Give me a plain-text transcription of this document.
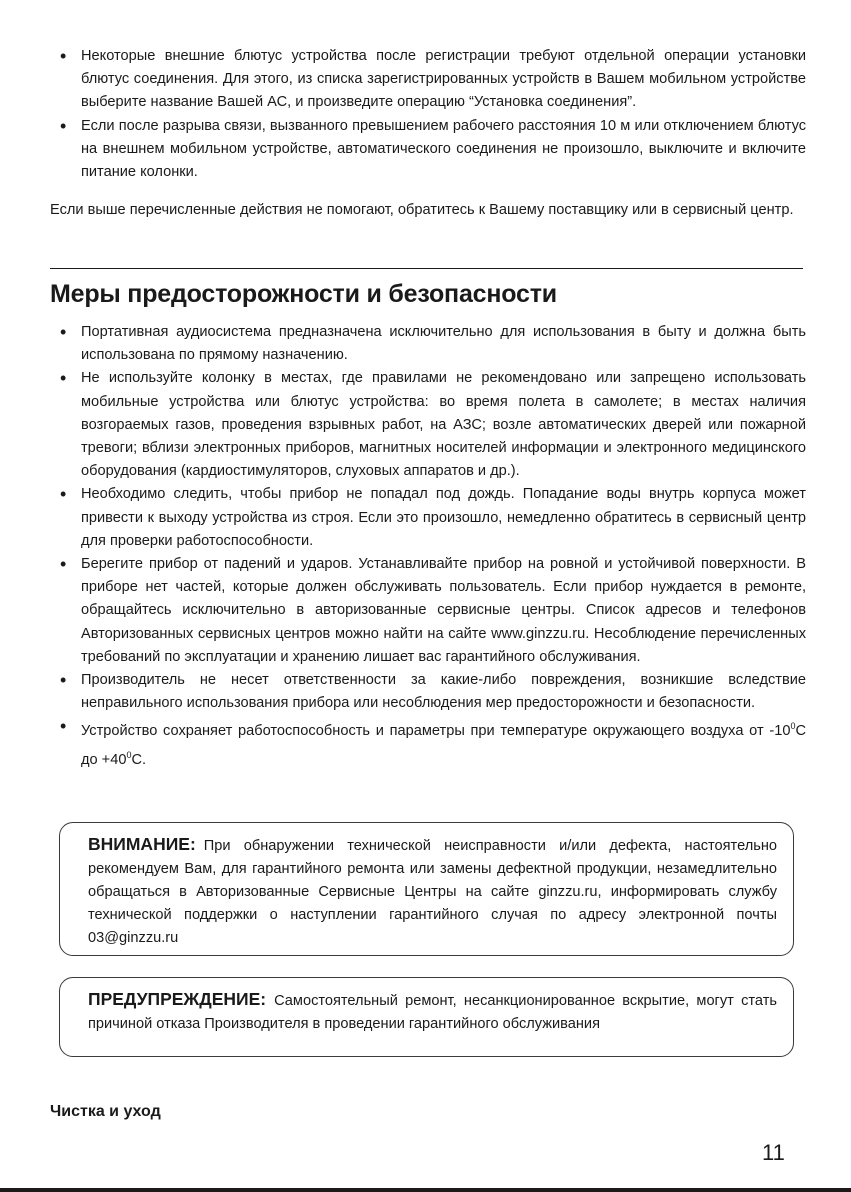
• Некоторые внешние блютус устройства после регистрации требуют отдельной операции установки блютус соединения. Для этого, из списка зарегистрированных устройств в Вашем мобильном устройстве выберите название Вашей АС, и произведите операцию “Установка соединения”.
• Если после разрыва связи, вызванного превышением рабочего расстояния 10 м или отключением блютус на внешнем мобильном устройстве, автоматического соединения не произошло, выключите и включите питание колонки.

Если выше перечисленные действия не помогают, обратитесь к Вашему поставщику или в сервисный центр.

Меры предосторожности и безопасности
• Портативная аудиосистема предназначена исключительно для использования в быту и должна быть использована по прямому назначению.
• Не используйте колонку в местах, где правилами не рекомендовано или запрещено использовать мобильные устройства или блютус устройства: во время полета в самолете; в местах наличия возгораемых газов, проведения взрывных работ, на АЗС; возле автоматических дверей или пожарной тревоги; вблизи электронных приборов, магнитных носителей информации и электронного медицинского оборудования (кардиостимуляторов, слуховых аппаратов и др.).
• Необходимо следить, чтобы прибор не попадал под дождь. Попадание воды внутрь корпуса может привести к выходу устройства из строя. Если это произошло, немедленно обратитесь в сервисный центр для проверки работоспособности.
• Берегите прибор от падений и ударов. Устанавливайте прибор на ровной и устойчивой поверхности. В приборе нет частей, которые должен обслуживать пользователь. Если прибор нуждается в ремонте, обращайтесь исключительно в авторизованные сервисные центры. Список адресов и телефонов Авторизованных сервисных центров можно найти на сайте www.ginzzu.ru. Несоблюдение перечисленных требований по эксплуатации и хранению лишает вас гарантийного обслуживания.
• Производитель не несет ответственности за какие-либо повреждения, возникшие вследствие неправильного использования прибора или несоблюдения мер предосторожности и безопасности.
• Устройство сохраняет работоспособность и параметры при температуре окружающего воздуха от $-10^0С$ до $+40^0С$.

ВНИМАНИЕ: При обнаружении технической неисправности и/или дефекта, настоятельно рекомендуем Вам, для гарантийного ремонта или замены дефектной продукции, незамедлительно обращаться в Авторизованные Сервисные Центры на сайте ginzzu.ru, информировать службу технической поддержки о наступлении гарантийного случая по адресу электронной почты 03@ginzzu.ru

ПРЕДУПРЕЖДЕНИЕ: Самостоятельный ремонт, несанкционированное вскрытие, могут стать причиной отказа Производителя в проведении гарантийного обслуживания

Чистка и уход
11
